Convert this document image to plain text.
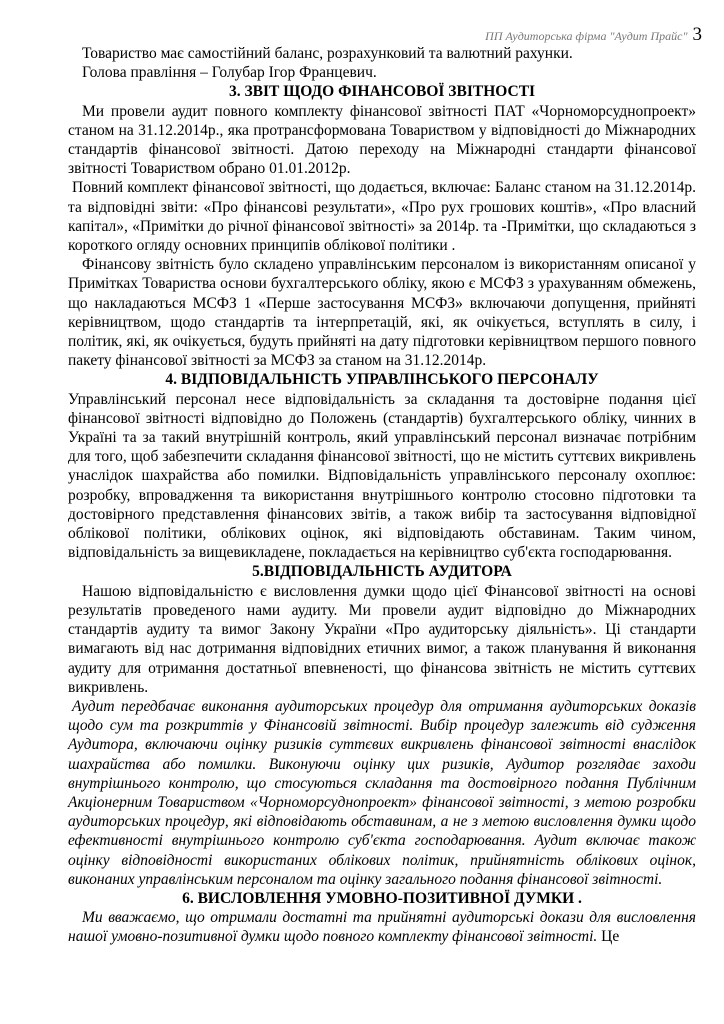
ПП Аудиторська фірма "Аудит Прайс" 3

Товариство має самостійний баланс, розрахунковий та валютний рахунки.

Голова правління – Голубар Ігор Францевич.

3. ЗВІТ ЩОДО ФІНАНСОВОЇ ЗВІТНОСТІ

Ми провели аудит повного комплекту фінансової звітності ПАТ «Чорноморсуднопроект» станом на 31.12.2014р., яка протрансформована Товариством у відповідності до Міжнародних стандартів фінансової звітності. Датою переходу на Міжнародні стандарти фінансової звітності Товариством обрано 01.01.2012р.

Повний комплект фінансової звітності, що додається, включає: Баланс станом на 31.12.2014р. та відповідні звіти: «Про фінансові результати», «Про рух грошових коштів», «Про власний капітал», «Примітки до річної фінансової звітності» за 2014р. та -Примітки, що складаються з короткого огляду основних принципів облікової політики .

Фінансову звітність було складено управлінським персоналом із використанням описаної у Примітках Товариства основи бухгалтерського обліку, якою є МСФЗ з урахуванням обмежень, що накладаються МСФЗ 1 «Перше застосування МСФЗ» включаючи допущення, прийняті керівництвом, щодо стандартів та інтерпретацій, які, як очікується, вступлять в силу, і політик, які, як очікується, будуть прийняті на дату підготовки керівництвом першого повного пакету фінансової звітності за МСФЗ за станом на 31.12.2014р.

4. ВІДПОВІДАЛЬНІСТЬ УПРАВЛІНСЬКОГО ПЕРСОНАЛУ

Управлінський персонал несе відповідальність за складання та достовірне подання цієї фінансової звітності відповідно до Положень (стандартів) бухгалтерського обліку, чинних в Україні та за такий внутрішній контроль, який управлінський персонал визначає потрібним для того, щоб забезпечити складання фінансової звітності, що не містить суттєвих викривлень унаслідок шахрайства або помилки. Відповідальність управлінського персоналу охоплює: розробку, впровадження та використання внутрішнього контролю стосовно підготовки та достовірного представлення фінансових звітів, а також вибір та застосування відповідної облікової політики, облікових оцінок, які відповідають обставинам. Таким чином, відповідальність за вищевикладене, покладається на керівництво суб'єкта господарювання.

5.ВІДПОВІДАЛЬНІСТЬ АУДИТОРА

Нашою відповідальністю є висловлення думки щодо цієї Фінансової звітності на основі результатів проведеного нами аудиту. Ми провели аудит відповідно до Міжнародних стандартів аудиту та вимог Закону України «Про аудиторську діяльність». Ці стандарти вимагають від нас дотримання відповідних етичних вимог, а також планування й виконання аудиту для отримання достатньої впевненості, що фінансова звітність не містить суттєвих викривлень.

Аудит передбачає виконання аудиторських процедур для отримання аудиторських доказів щодо сум та розкриттів у Фінансовій звітності. Вибір процедур залежить від судження Аудитора, включаючи оцінку ризиків суттєвих викривлень фінансової звітності внаслідок шахрайства або помилки. Виконуючи оцінку цих ризиків, Аудитор розглядає заходи внутрішнього контролю, що стосуються складання та достовірного подання Публічним Акціонерним Товариством «Чорноморсуднопроект» фінансової звітності, з метою розробки аудиторських процедур, які відповідають обставинам, а не з метою висловлення думки щодо ефективності внутрішнього контролю суб'єкта господарювання. Аудит включає також оцінку відповідності використаних облікових політик, прийнятність облікових оцінок, виконаних управлінським персоналом та оцінку загального подання фінансової звітності.

6. ВИСЛОВЛЕННЯ УМОВНО-ПОЗИТИВНОЇ ДУМКИ .

Ми вважаємо, що отримали достатні та прийнятні аудиторські докази для висловлення нашої умовно-позитивної думки щодо повного комплекту фінансової звітності. Це
